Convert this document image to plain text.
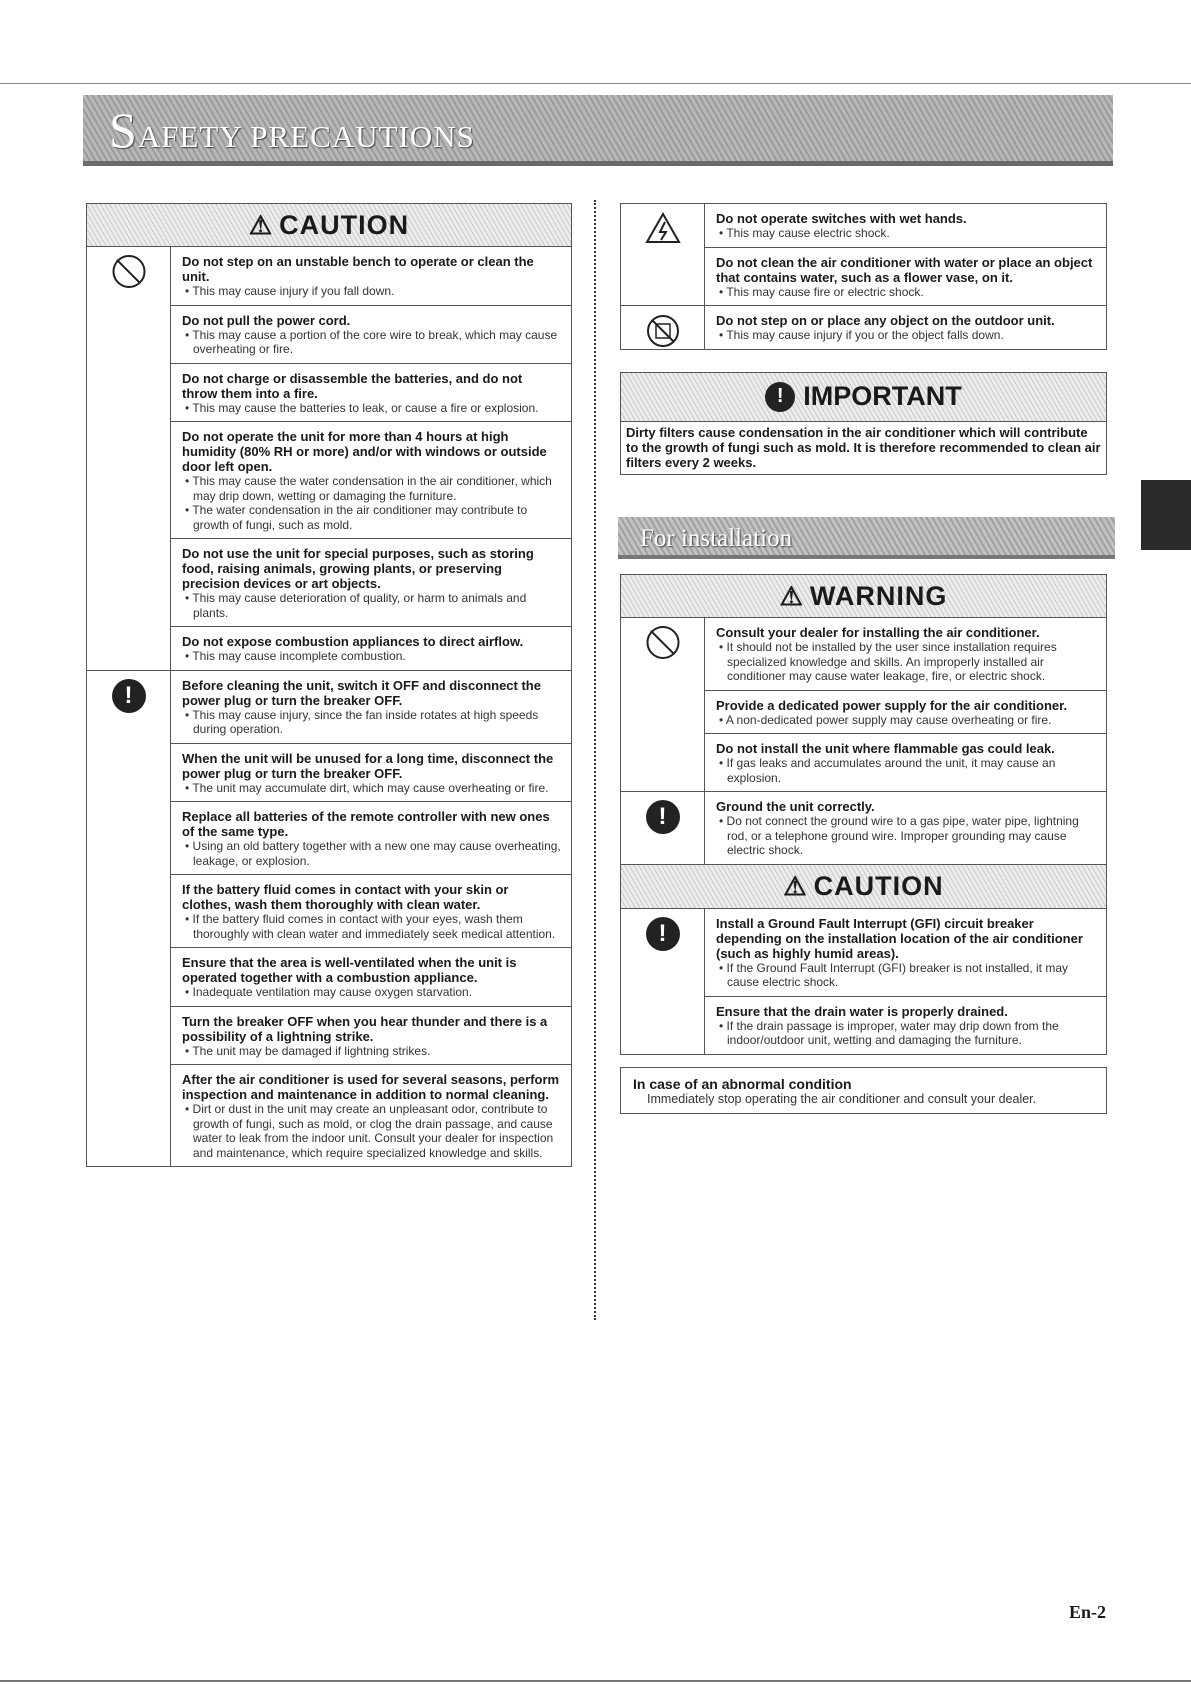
SAFETY PRECAUTIONS
⚠ CAUTION
Do not step on an unstable bench to operate or clean the unit.
• This may cause injury if you fall down.
Do not pull the power cord.
• This may cause a portion of the core wire to break, which may cause overheating or fire.
Do not charge or disassemble the batteries, and do not throw them into a fire.
• This may cause the batteries to leak, or cause a fire or explosion.
Do not operate the unit for more than 4 hours at high humidity (80% RH or more) and/or with windows or outside door left open.
• This may cause the water condensation in the air conditioner, which may drip down, wetting or damaging the furniture.
• The water condensation in the air conditioner may contribute to growth of fungi, such as mold.
Do not use the unit for special purposes, such as storing food, raising animals, growing plants, or preserving precision devices or art objects.
• This may cause deterioration of quality, or harm to animals and plants.
Do not expose combustion appliances to direct airflow.
• This may cause incomplete combustion.
!	Before cleaning the unit, switch it OFF and disconnect the power plug or turn the breaker OFF.
• This may cause injury, since the fan inside rotates at high speeds during operation.
When the unit will be unused for a long time, disconnect the power plug or turn the breaker OFF.
• The unit may accumulate dirt, which may cause overheating or fire.
Replace all batteries of the remote controller with new ones of the same type.
• Using an old battery together with a new one may cause overheating, leakage, or explosion.
If the battery fluid comes in contact with your skin or clothes, wash them thoroughly with clean water.
• If the battery fluid comes in contact with your eyes, wash them thoroughly with clean water and immediately seek medical attention.
Ensure that the area is well-ventilated when the unit is operated together with a combustion appliance.
• Inadequate ventilation may cause oxygen starvation.
Turn the breaker OFF when you hear thunder and there is a possibility of a lightning strike.
• The unit may be damaged if lightning strikes.
After the air conditioner is used for several seasons, perform inspection and maintenance in addition to normal cleaning.
• Dirt or dust in the unit may create an unpleasant odor, contribute to growth of fungi, such as mold, or clog the drain passage, and cause water to leak from the indoor unit. Consult your dealer for inspection and maintenance, which require specialized knowledge and skills.
Do not operate switches with wet hands.
• This may cause electric shock.
Do not clean the air conditioner with water or place an object that contains water, such as a flower vase, on it.
• This may cause fire or electric shock.
Do not step on or place any object on the outdoor unit.
• This may cause injury if you or the object falls down.
! IMPORTANT
Dirty filters cause condensation in the air conditioner which will contribute to the growth of fungi such as mold. It is therefore recommended to clean air filters every 2 weeks.
For installation
⚠ WARNING
Consult your dealer for installing the air conditioner.
• It should not be installed by the user since installation requires specialized knowledge and skills. An improperly installed air conditioner may cause water leakage, fire, or electric shock.
Provide a dedicated power supply for the air conditioner.
• A non-dedicated power supply may cause overheating or fire.
Do not install the unit where flammable gas could leak.
• If gas leaks and accumulates around the unit, it may cause an explosion.
!	Ground the unit correctly.
• Do not connect the ground wire to a gas pipe, water pipe, lightning rod, or a telephone ground wire. Improper grounding may cause electric shock.
⚠ CAUTION
!	Install a Ground Fault Interrupt (GFI) circuit breaker depending on the installation location of the air conditioner (such as highly humid areas).
• If the Ground Fault Interrupt (GFI) breaker is not installed, it may cause electric shock.
Ensure that the drain water is properly drained.
• If the drain passage is improper, water may drip down from the indoor/outdoor unit, wetting and damaging the furniture.
In case of an abnormal condition
Immediately stop operating the air conditioner and consult your dealer.
En-2
